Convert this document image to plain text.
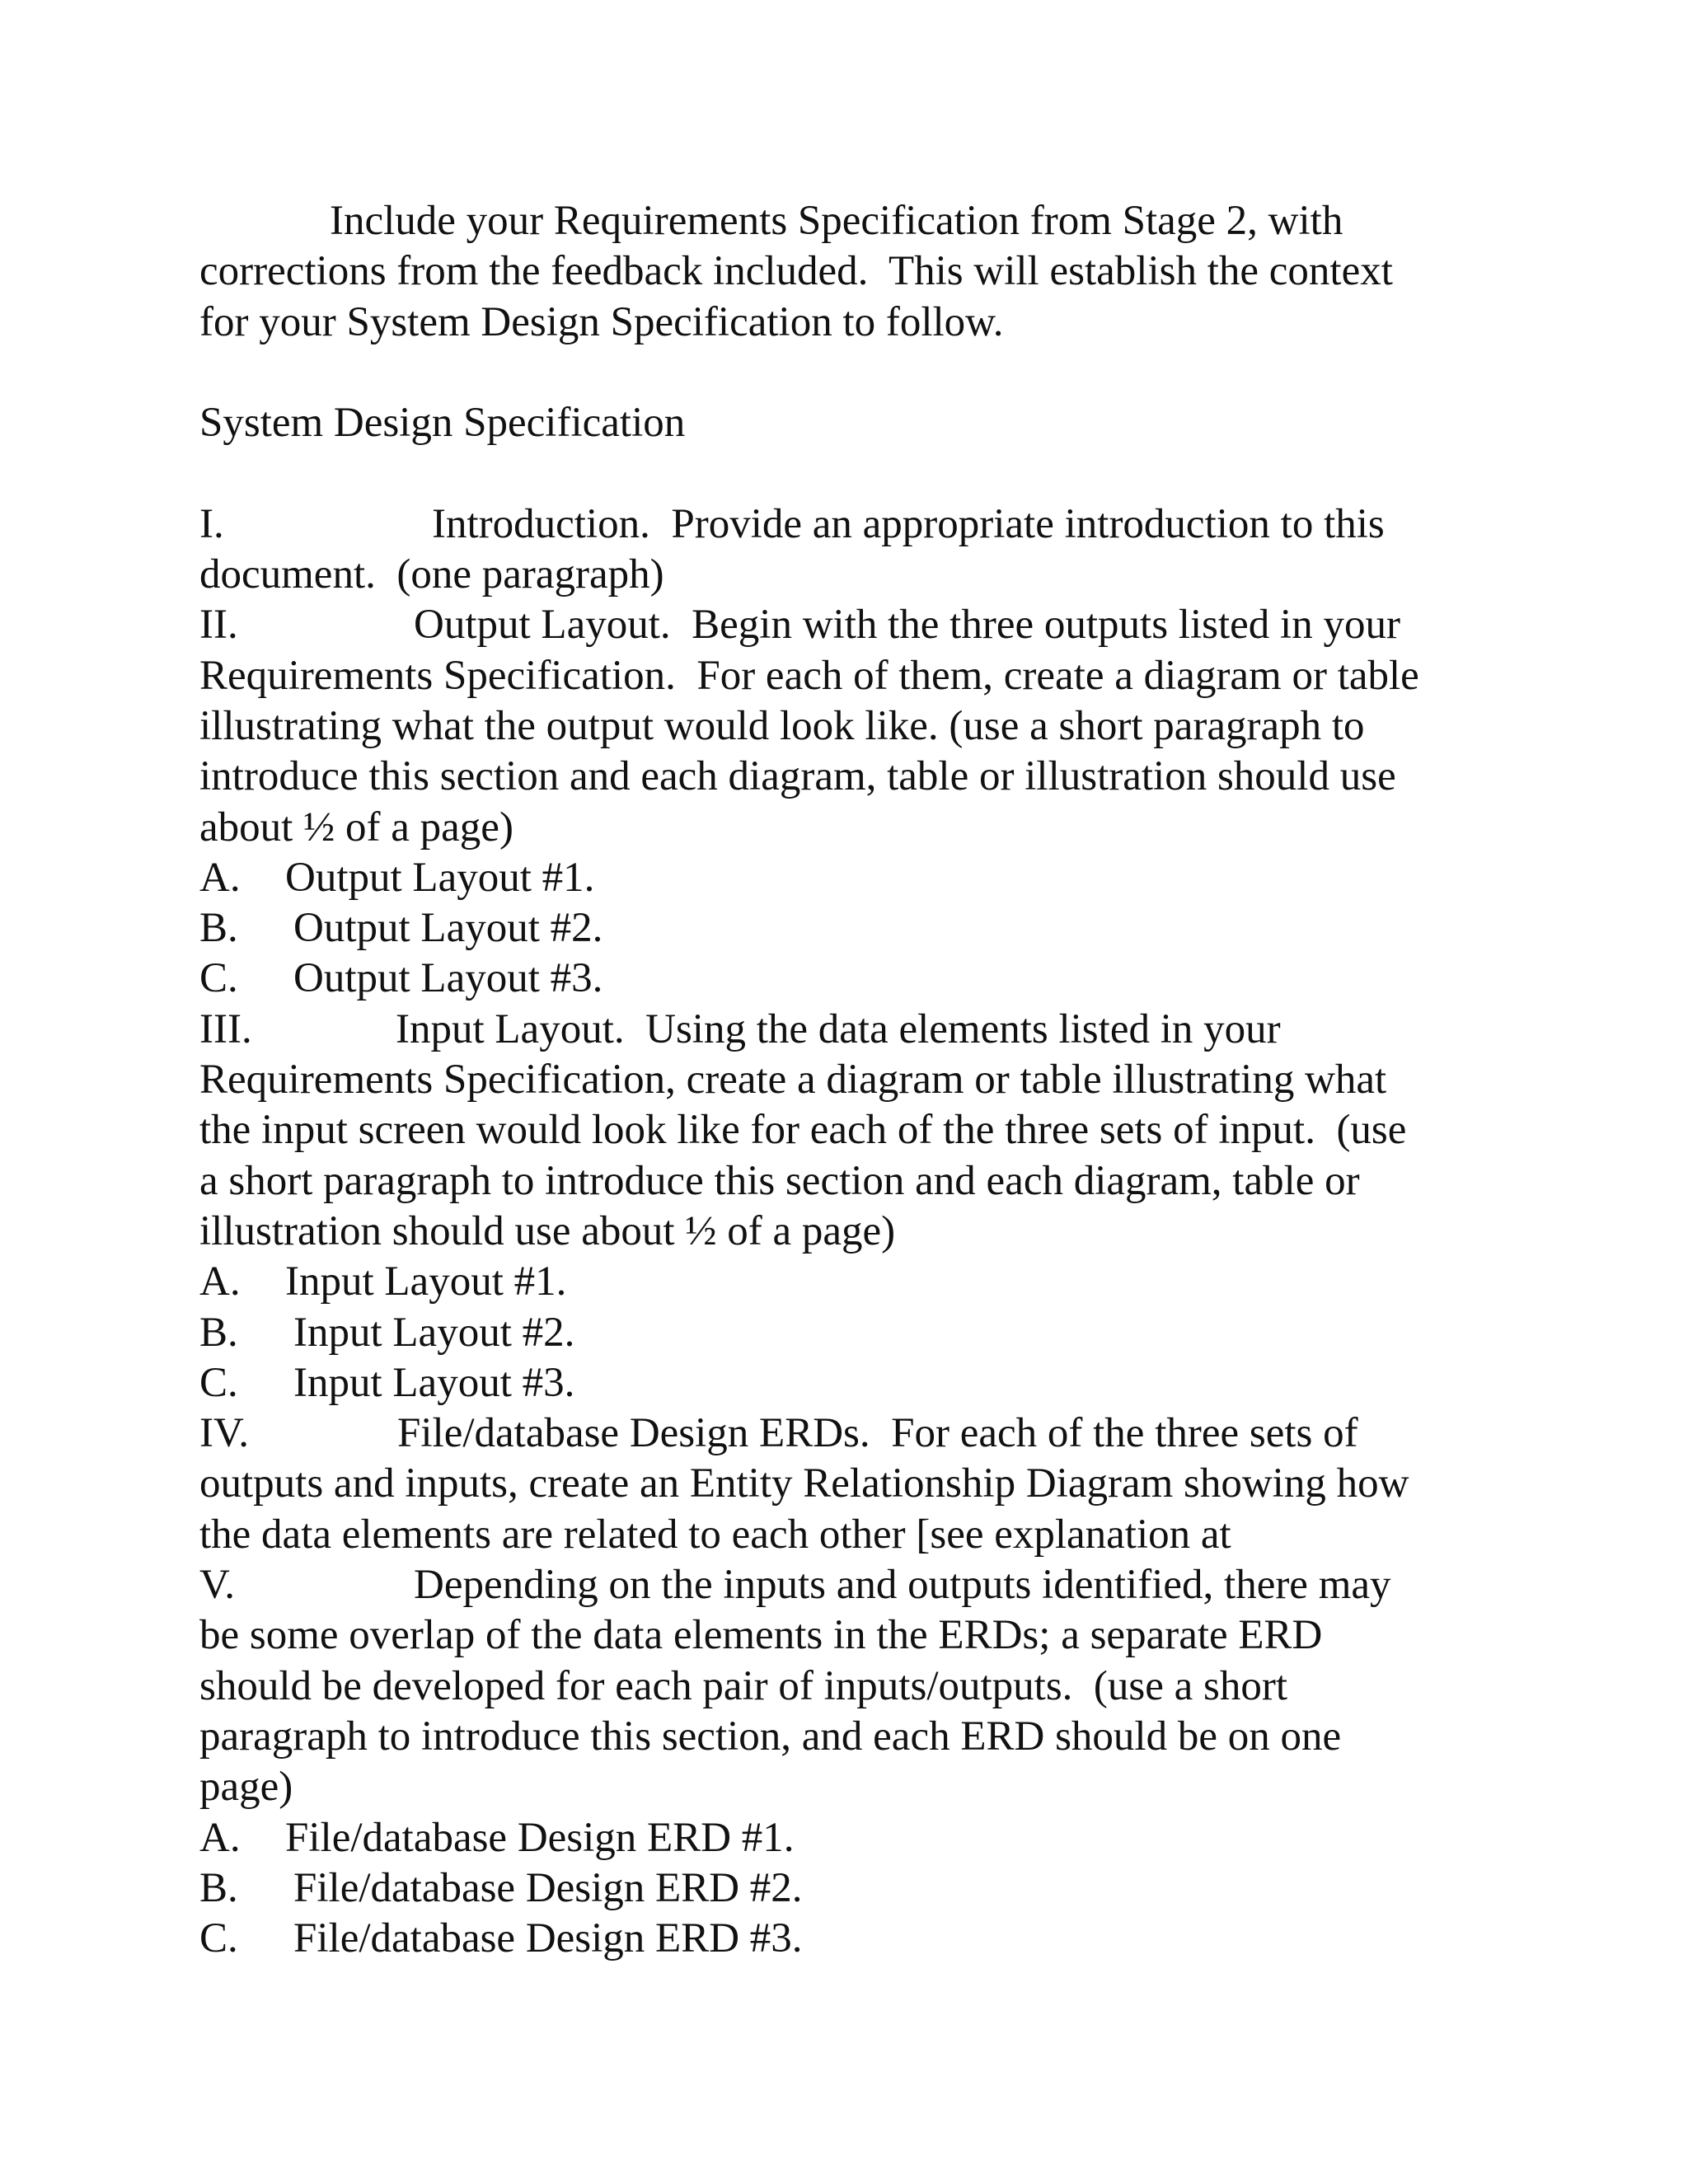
Include your Requirements Specification from Stage 2, with
corrections from the feedback included.  This will establish the context
for your System Design Specification to follow.
System Design Specification
I.	Introduction.  Provide an appropriate introduction to this
document.  (one paragraph)
II.	Output Layout.  Begin with the three outputs listed in your
Requirements Specification.  For each of them, create a diagram or table
illustrating what the output would look like. (use a short paragraph to
introduce this section and each diagram, table or illustration should use
about ½ of a page)
A. Output Layout #1.
B. Output Layout #2.
C. Output Layout #3.
III.	Input Layout.  Using the data elements listed in your
Requirements Specification, create a diagram or table illustrating what
the input screen would look like for each of the three sets of input.  (use
a short paragraph to introduce this section and each diagram, table or
illustration should use about ½ of a page)
A. Input Layout #1.
B. Input Layout #2.
C. Input Layout #3.
IV.	File/database Design ERDs.  For each of the three sets of
outputs and inputs, create an Entity Relationship Diagram showing how
the data elements are related to each other [see explanation at
V.	Depending on the inputs and outputs identified, there may
be some overlap of the data elements in the ERDs; a separate ERD
should be developed for each pair of inputs/outputs.  (use a short
paragraph to introduce this section, and each ERD should be on one
page)
A. File/database Design ERD #1.
B. File/database Design ERD #2.
C. File/database Design ERD #3.
